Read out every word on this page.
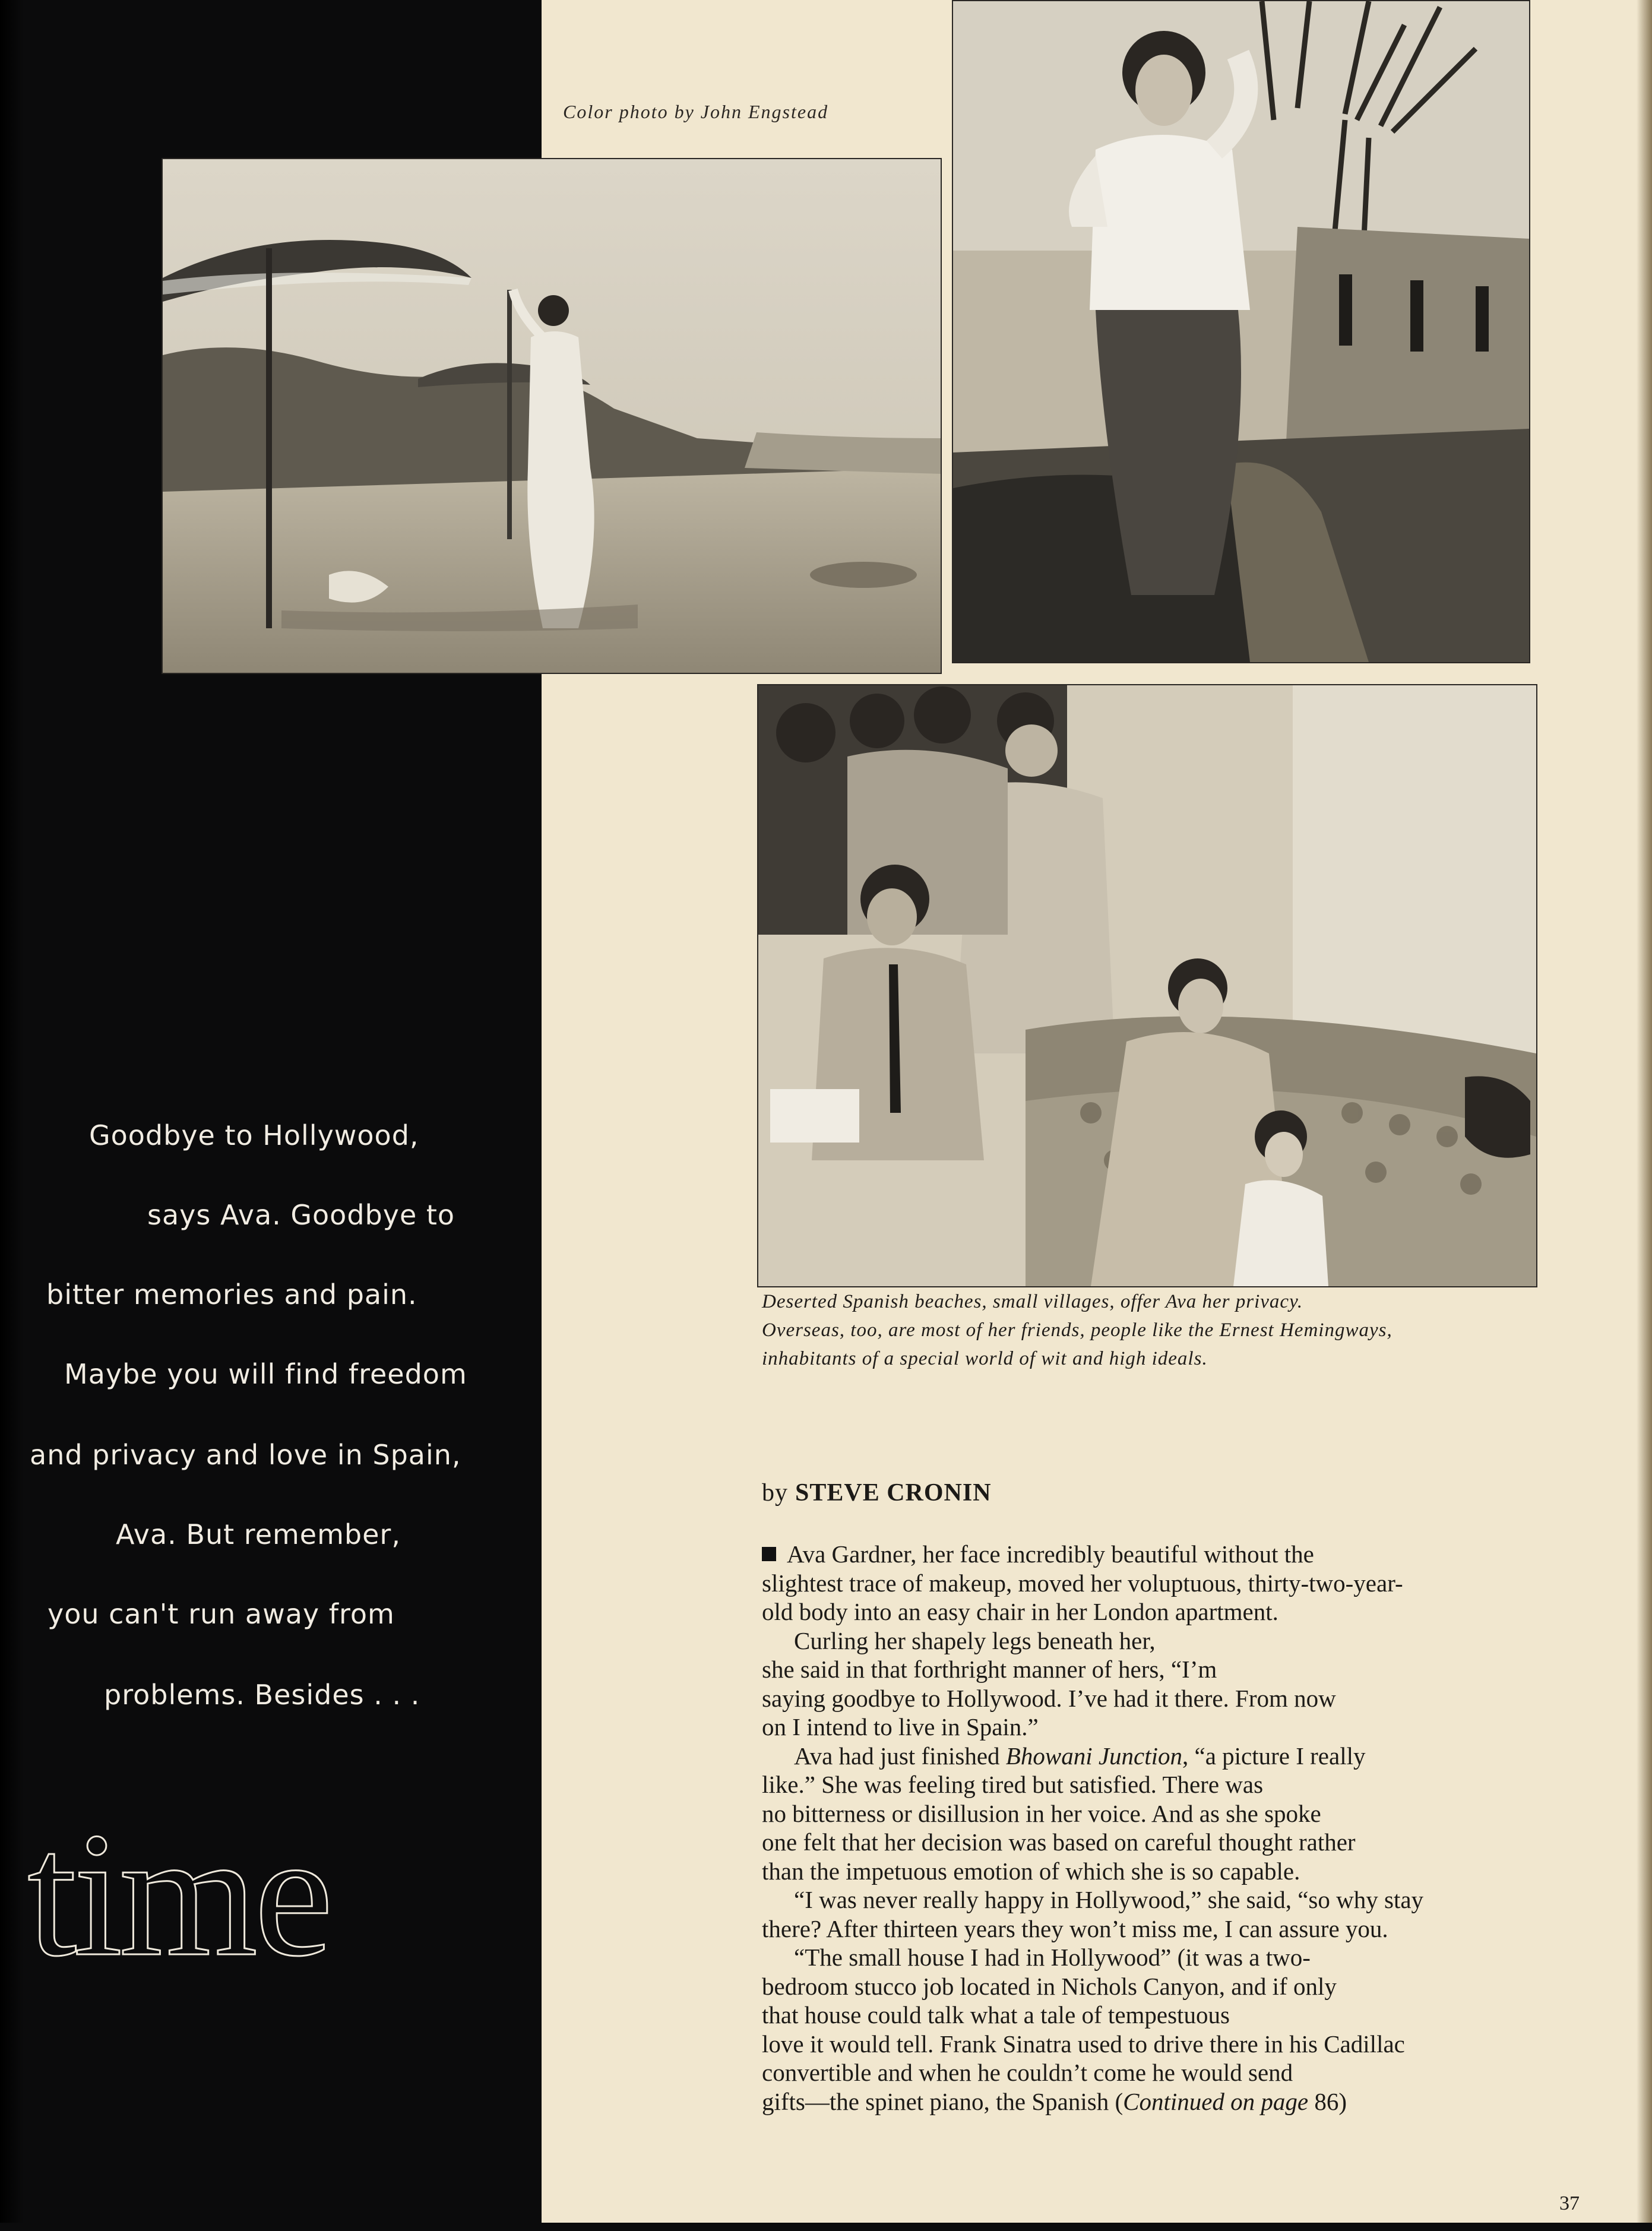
Color photo by John Engstead
Deserted Spanish beaches, small villages, offer Ava her privacy.
Overseas, too, are most of her friends, people like the Ernest Hemingways,
inhabitants of a special world of wit and high ideals.
Goodbye to Hollywood,
says Ava. Goodbye to
bitter memories and pain.
Maybe you will find freedom
and privacy and love in Spain,
Ava. But remember,
you can't run away from
problems. Besides . . .
time
by STEVE CRONIN
Ava Gardner, her face incredibly beautiful without the
slightest trace of makeup, moved her voluptuous, thirty-two-year-
old body into an easy chair in her London apartment.
Curling her shapely legs beneath her,
she said in that forthright manner of hers, “I’m
saying goodbye to Hollywood. I’ve had it there. From now
on I intend to live in Spain.”
Ava had just finished Bhowani Junction, “a picture I really
like.” She was feeling tired but satisfied. There was
no bitterness or disillusion in her voice. And as she spoke
one felt that her decision was based on careful thought rather
than the impetuous emotion of which she is so capable.
“I was never really happy in Hollywood,” she said, “so why stay
there? After thirteen years they won’t miss me, I can assure you.
“The small house I had in Hollywood” (it was a two-
bedroom stucco job located in Nichols Canyon, and if only
that house could talk what a tale of tempestuous
love it would tell. Frank Sinatra used to drive there in his Cadillac
convertible and when he couldn’t come he would send
gifts—the spinet piano, the Spanish (Continued on page 86)
37
